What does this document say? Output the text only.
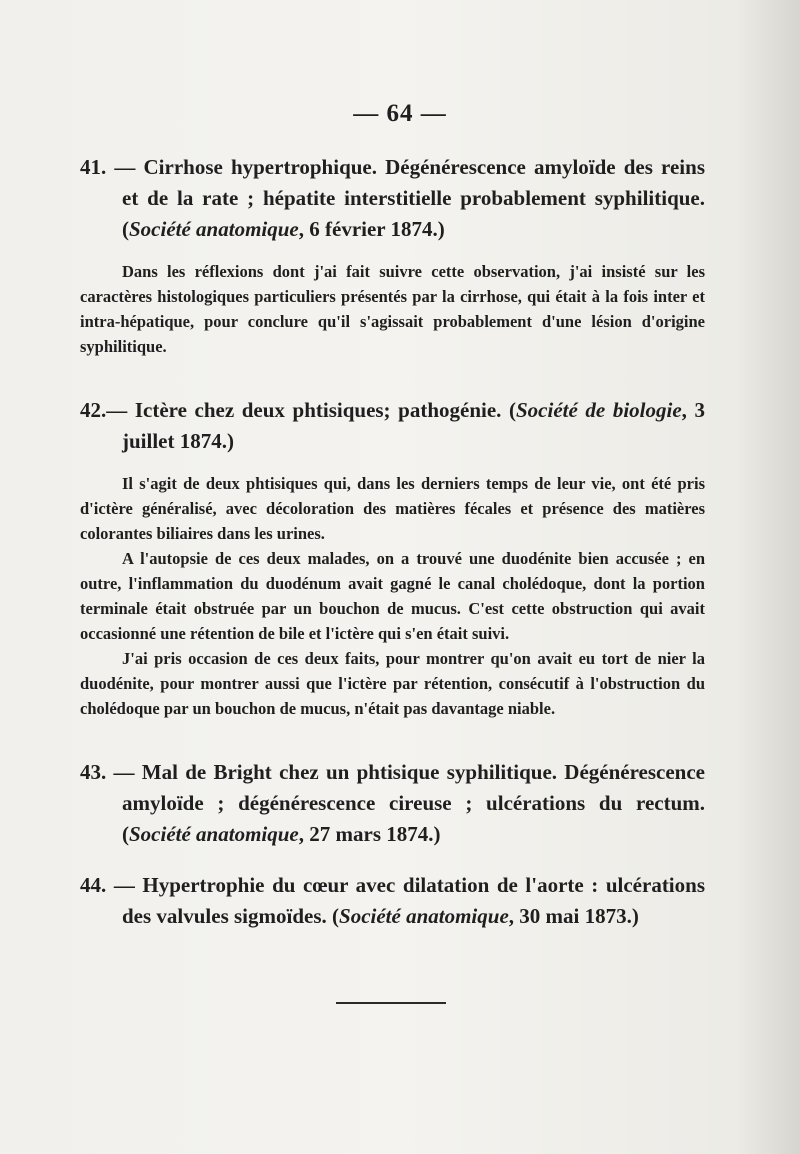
— 64 —

41. — Cirrhose hypertrophique. Dégénérescence amyloïde des reins et de la rate ; hépatite interstitielle probablement syphilitique. (Société anatomique, 6 février 1874.)

Dans les réflexions dont j'ai fait suivre cette observation, j'ai insisté sur les caractères histologiques particuliers présentés par la cirrhose, qui était à la fois inter et intra-hépatique, pour conclure qu'il s'agissait probablement d'une lésion d'origine syphilitique.

42.— Ictère chez deux phtisiques; pathogénie. (Société de biologie, 3 juillet 1874.)

Il s'agit de deux phtisiques qui, dans les derniers temps de leur vie, ont été pris d'ictère généralisé, avec décoloration des matières fécales et présence des matières colorantes biliaires dans les urines.

A l'autopsie de ces deux malades, on a trouvé une duodénite bien accusée ; en outre, l'inflammation du duodénum avait gagné le canal cholédoque, dont la portion terminale était obstruée par un bouchon de mucus. C'est cette obstruction qui avait occasionné une rétention de bile et l'ictère qui s'en était suivi.

J'ai pris occasion de ces deux faits, pour montrer qu'on avait eu tort de nier la duodénite, pour montrer aussi que l'ictère par rétention, consécutif à l'obstruction du cholédoque par un bouchon de mucus, n'était pas davantage niable.

43. — Mal de Bright chez un phtisique syphilitique. Dégénérescence amyloïde ; dégénérescence cireuse ; ulcérations du rectum. (Société anatomique, 27 mars 1874.)

44. — Hypertrophie du cœur avec dilatation de l'aorte : ulcérations des valvules sigmoïdes. (Société anatomique, 30 mai 1873.)
